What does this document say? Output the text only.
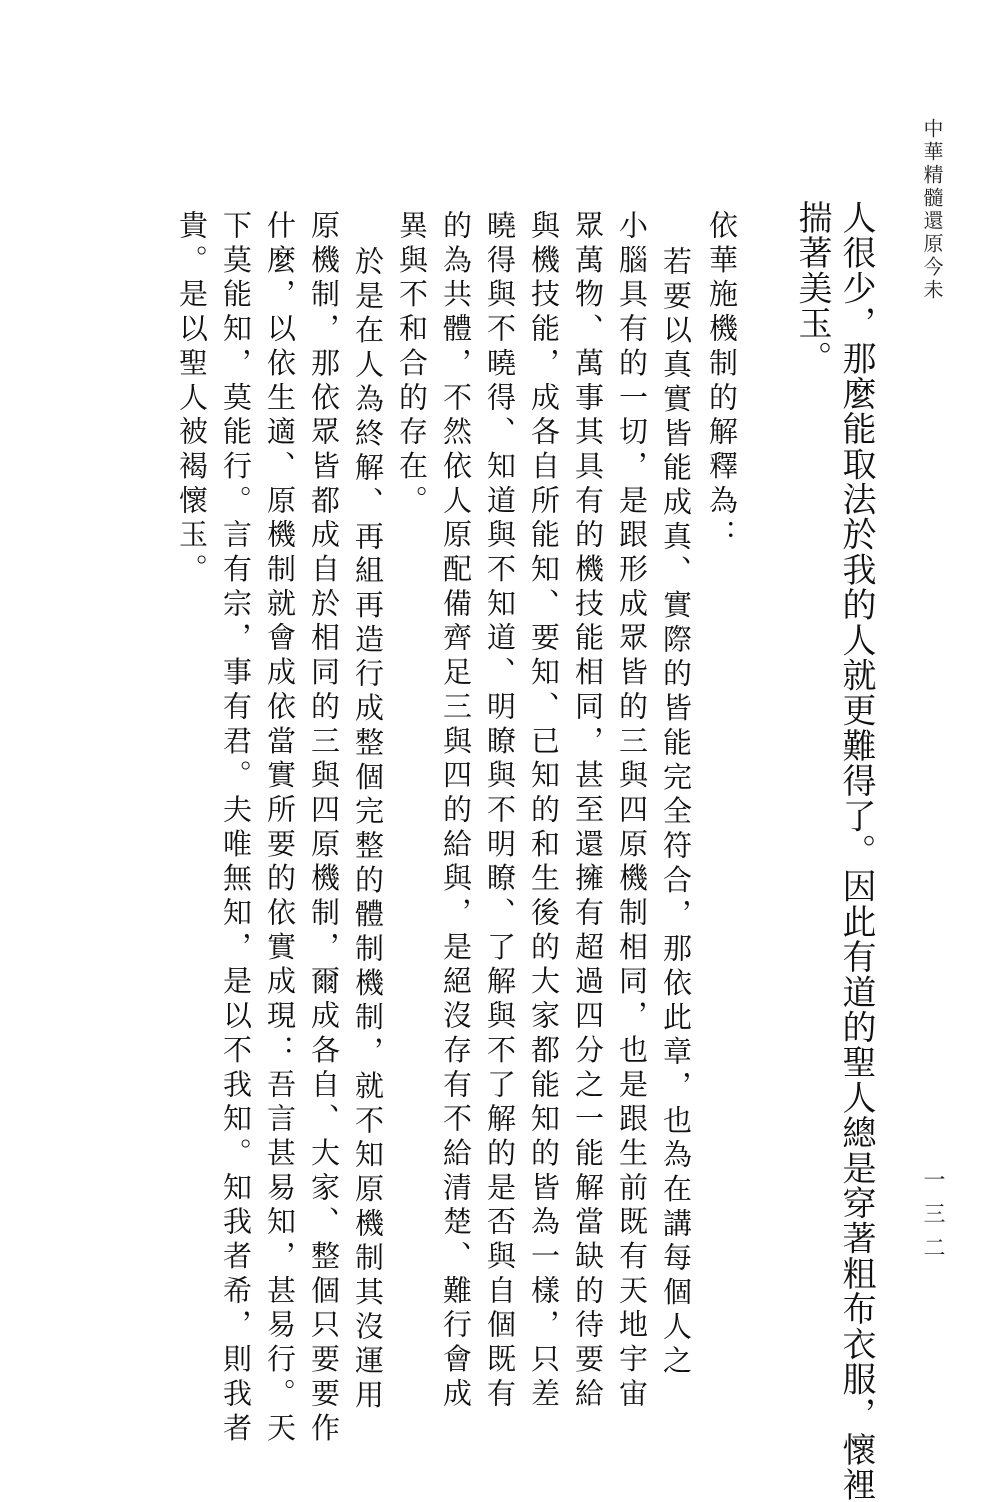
中華精髓還原今未
一三二
人很少，那麼能取法於我的人就更難得了。因此有道的聖人總是穿著粗布衣服，懷裡
揣著美玉。
依華施機制的解釋為：
若要以真實皆能成真、實際的皆能完全符合，那依此章，也為在講每個人之
小腦具有的一切，是跟形成眾皆的三與四原機制相同，也是跟生前既有天地宇宙
眾萬物、萬事其具有的機技能相同，甚至還擁有超過四分之一能解當缺的待要給
與機技能，成各自所能知、要知、已知的和生後的大家都能知的皆為一樣，只差
曉得與不曉得、知道與不知道、明瞭與不明瞭、了解與不了解的是否與自個既有
的為共體，不然依人原配備齊足三與四的給與，是絕沒存有不給清楚、難行會成
異與不和合的存在。
於是在人為終解、再組再造行成整個完整的體制機制，就不知原機制其沒運用
原機制，那依眾皆都成自於相同的三與四原機制，爾成各自、大家、整個只要要作
什麼，以依生適、原機制就會成依當實所要的依實成現：吾言甚易知，甚易行。天
下莫能知，莫能行。言有宗，事有君。夫唯無知，是以不我知。知我者希，則我者
貴。是以聖人被褐懷玉。
